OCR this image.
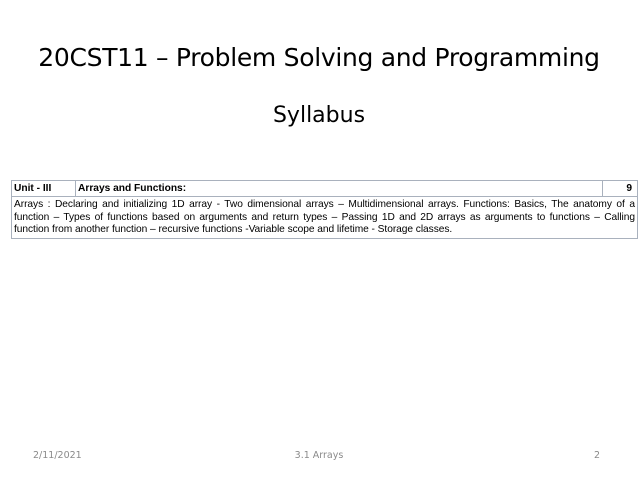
20CST11 – Problem Solving and Programming
Syllabus
Unit - III	Arrays and Functions:	9
Arrays : Declaring and initializing 1D array - Two dimensional arrays – Multidimensional arrays. Functions: Basics, The anatomy of a function – Types of functions based on arguments and return types – Passing 1D and 2D arrays as arguments to functions – Calling function from another function – recursive functions -Variable scope and lifetime - Storage classes.
2/11/2021	3.1 Arrays	2
